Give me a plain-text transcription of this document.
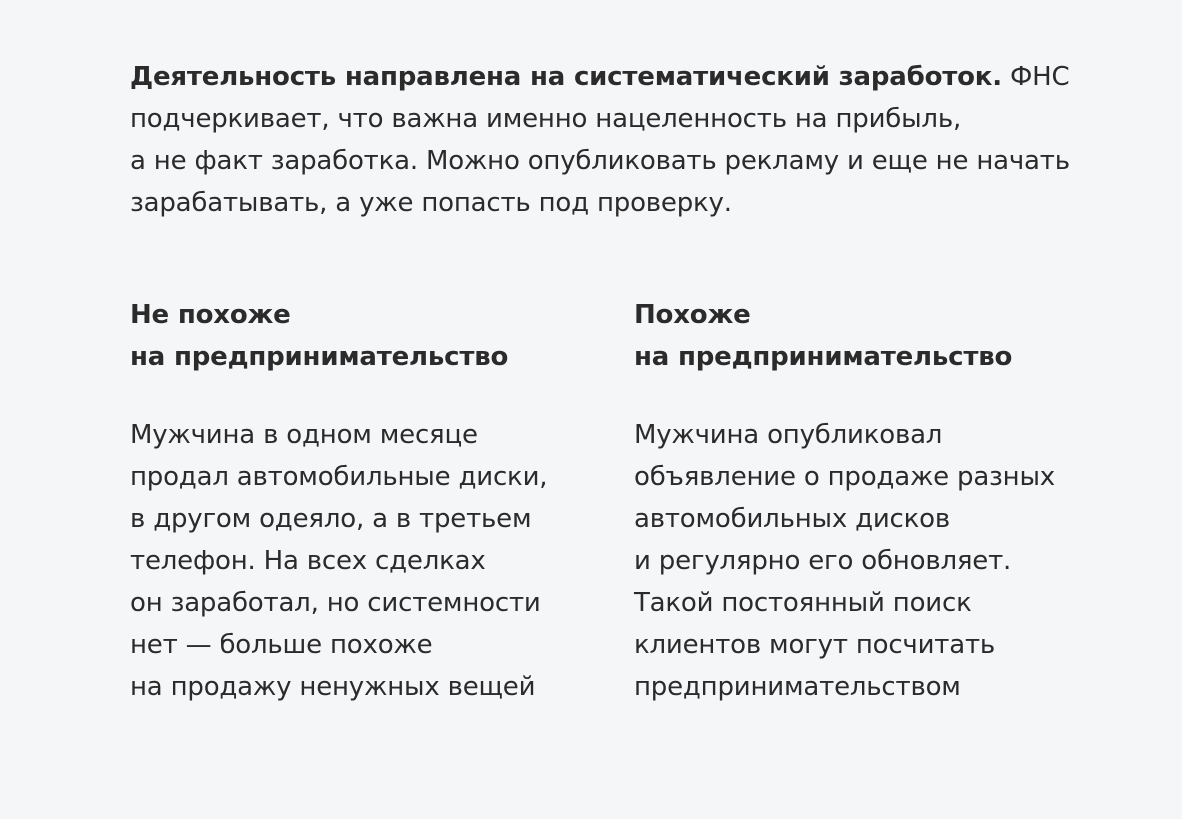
Деятельность направлена на систематический заработок. ФНС
подчеркивает, что важна именно нацеленность на прибыль,
а не факт заработка. Можно опубликовать рекламу и еще не начать
зарабатывать, а уже попасть под проверку.

Не похоже
на предпринимательство

Мужчина в одном месяце
продал автомобильные диски,
в другом одеяло, а в третьем
телефон. На всех сделках
он заработал, но системности
нет — больше похоже
на продажу ненужных вещей

Похоже
на предпринимательство

Мужчина опубликовал
объявление о продаже разных
автомобильных дисков
и регулярно его обновляет.
Такой постоянный поиск
клиентов могут посчитать
предпринимательством
